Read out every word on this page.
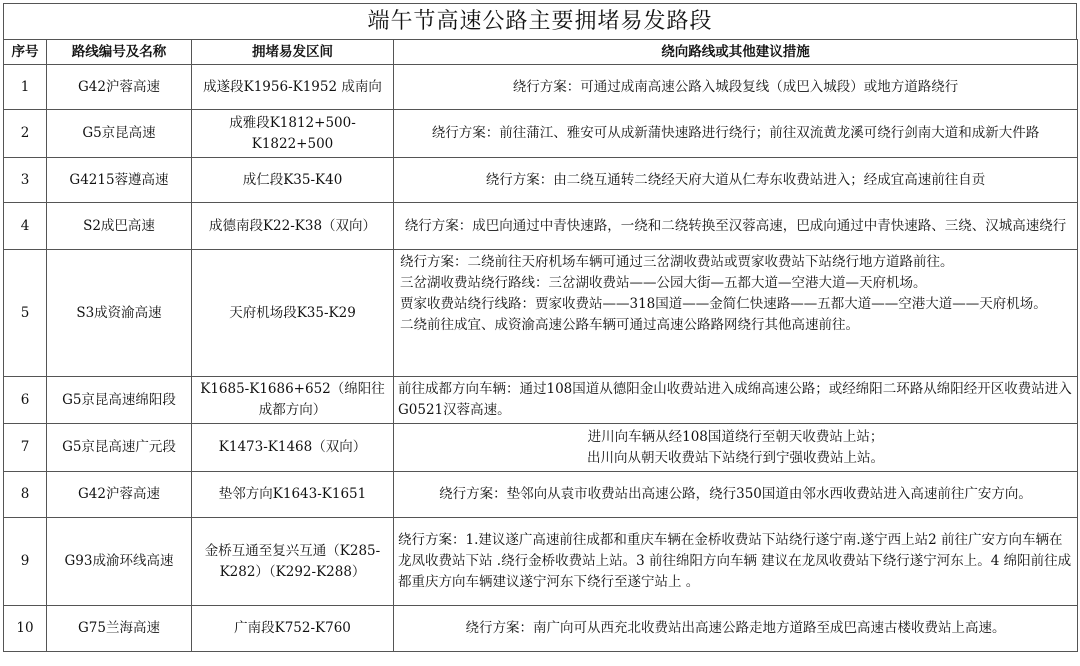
端午节高速公路主要拥堵易发路段
序号	路线编号及名称	拥堵易发区间	绕向路线或其他建议措施
1	G42沪蓉高速	成遂段K1956-K1952 成南向	绕行方案：可通过成南高速公路入城段复线（成巴入城段）或地方道路绕行

2	G5京昆高速	成雅段K1812+500-K1822+500	绕行方案：前往蒲江、雅安可从成新蒲快速路进行绕行；前往双流黄龙溪可绕行剑南大道和成新大件路

3	G4215蓉遵高速	成仁段K35-K40	绕行方案：由二绕互通转二绕经天府大道从仁寿东收费站进入；经成宜高速前往自贡

4	S2成巴高速	成德南段K22-K38（双向）	绕行方案：成巴向通过中青快速路，一绕和二绕转换至汉蓉高速，巴成向通过中青快速路、三绕、汉城高速绕行

5	S3成资渝高速	天府机场段K35-K29	绕行方案：二绕前往天府机场车辆可通过三岔湖收费站或贾家收费站下站绕行地方道路前往。
三岔湖收费站绕行路线：三岔湖收费站——公园大街—五都大道—空港大道—天府机场。
贾家收费站绕行线路：贾家收费站——318国道——金简仁快速路——五都大道——空港大道——天府机场。
二绕前往成宜、成资渝高速公路车辆可通过高速公路路网绕行其他高速前往。

6	G5京昆高速绵阳段	K1685-K1686+652（绵阳往成都方向）	前往成都方向车辆：通过108国道从德阳金山收费站进入成绵高速公路；或经绵阳二环路从绵阳经开区收费站进入G0521汉蓉高速。

7	G5京昆高速广元段	K1473-K1468（双向）	进川向车辆从经108国道绕行至朝天收费站上站；
出川向从朝天收费站下站绕行到宁强收费站上站。

8	G42沪蓉高速	垫邻方向K1643-K1651	绕行方案：垫邻向从袁市收费站出高速公路，绕行350国道由邻水西收费站进入高速前往广安方向。

9	G93成渝环线高速	金桥互通至复兴互通（K285-K282）（K292-K288）	绕行方案：1.建议遂广高速前往成都和重庆车辆在金桥收费站下站绕行遂宁南.遂宁西上站2 前往广安方向车辆在龙凤收费站下站 .绕行金桥收费站上站。3 前往绵阳方向车辆 建议在龙凤收费站下绕行遂宁河东上。4 绵阳前往成都重庆方向车辆建议遂宁河东下绕行至遂宁站上 。

10	G75兰海高速	广南段K752-K760	绕行方案：南广向可从西充北收费站出高速公路走地方道路至成巴高速古楼收费站上高速。
